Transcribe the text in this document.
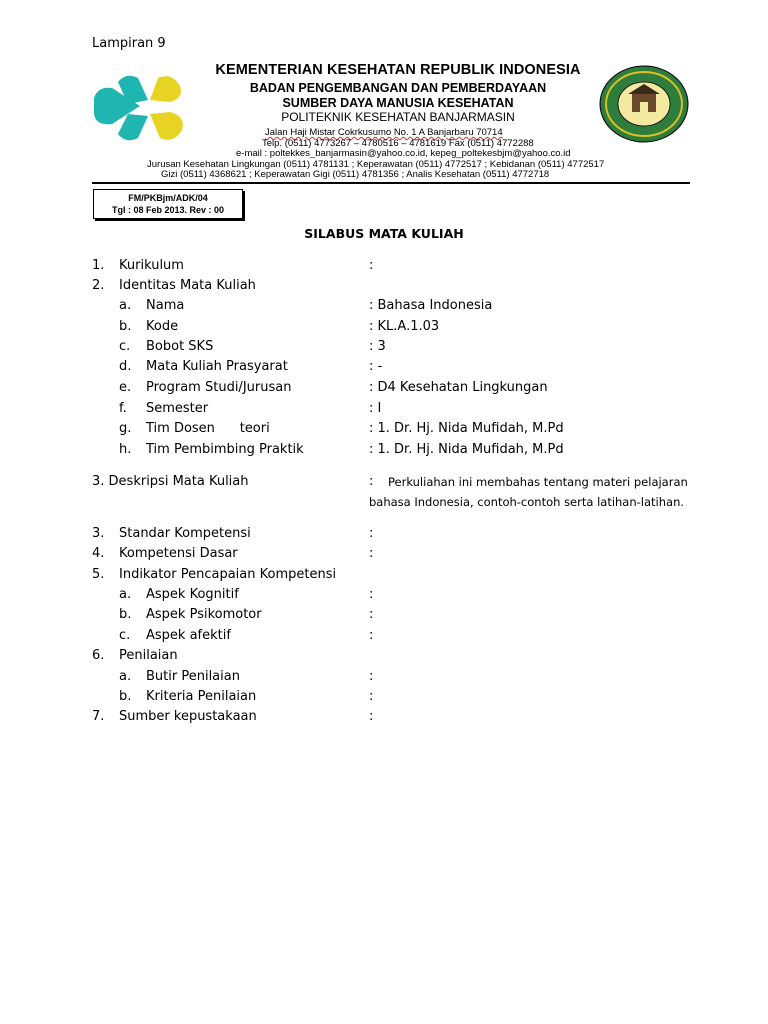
Lampiran 9
KEMENTERIAN KESEHATAN REPUBLIK INDONESIA
BADAN PENGEMBANGAN DAN PEMBERDAYAAN
SUMBER DAYA MANUSIA KESEHATAN
POLITEKNIK KESEHATAN BANJARMASIN
Jalan Haji Mistar Cokrkusumo No. 1 A Banjarbaru 70714
Telp. (0511) 4773267 – 4780516 – 4781619 Fax (0511) 4772288
e-mail : poltekkes_banjarmasin@yahoo.co.id, kepeg_poltekesbjm@yahoo.co.id
Jurusan Kesehatan Lingkungan (0511) 4781131 ; Keperawatan (0511) 4772517 ; Kebidanan (0511) 4772517
Gizi (0511) 4368621 ; Keperawatan Gigi (0511) 4781356 ; Analis Kesehatan (0511) 4772718
FM/PKBjm/ADK/04
Tgl : 08 Feb 2013. Rev : 00
SILABUS MATA KULIAH
1. Kurikulum	:
2. Identitas Mata Kuliah
a. Nama	: Bahasa Indonesia
b. Kode	: KL.A.1.03
c. Bobot SKS	: 3
d. Mata Kuliah Prasyarat	: -
e. Program Studi/Jurusan	: D4 Kesehatan Lingkungan
f. Semester	: I
g. Tim Dosen      teori	: 1. Dr. Hj. Nida Mufidah, M.Pd
h. Tim Pembimbing Praktik	: 1. Dr. Hj. Nida Mufidah, M.Pd
3. Deskripsi Mata Kuliah	: Perkuliahan ini membahas tentang materi pelajaran
bahasa Indonesia, contoh-contoh serta latihan-latihan.
3. Standar Kompetensi	:
4. Kompetensi Dasar	:
5. Indikator Pencapaian Kompetensi
a. Aspek Kognitif	:
b. Aspek Psikomotor	:
c. Aspek afektif	:
6. Penilaian
a. Butir Penilaian	:
b. Kriteria Penilaian	:
7. Sumber kepustakaan	:
